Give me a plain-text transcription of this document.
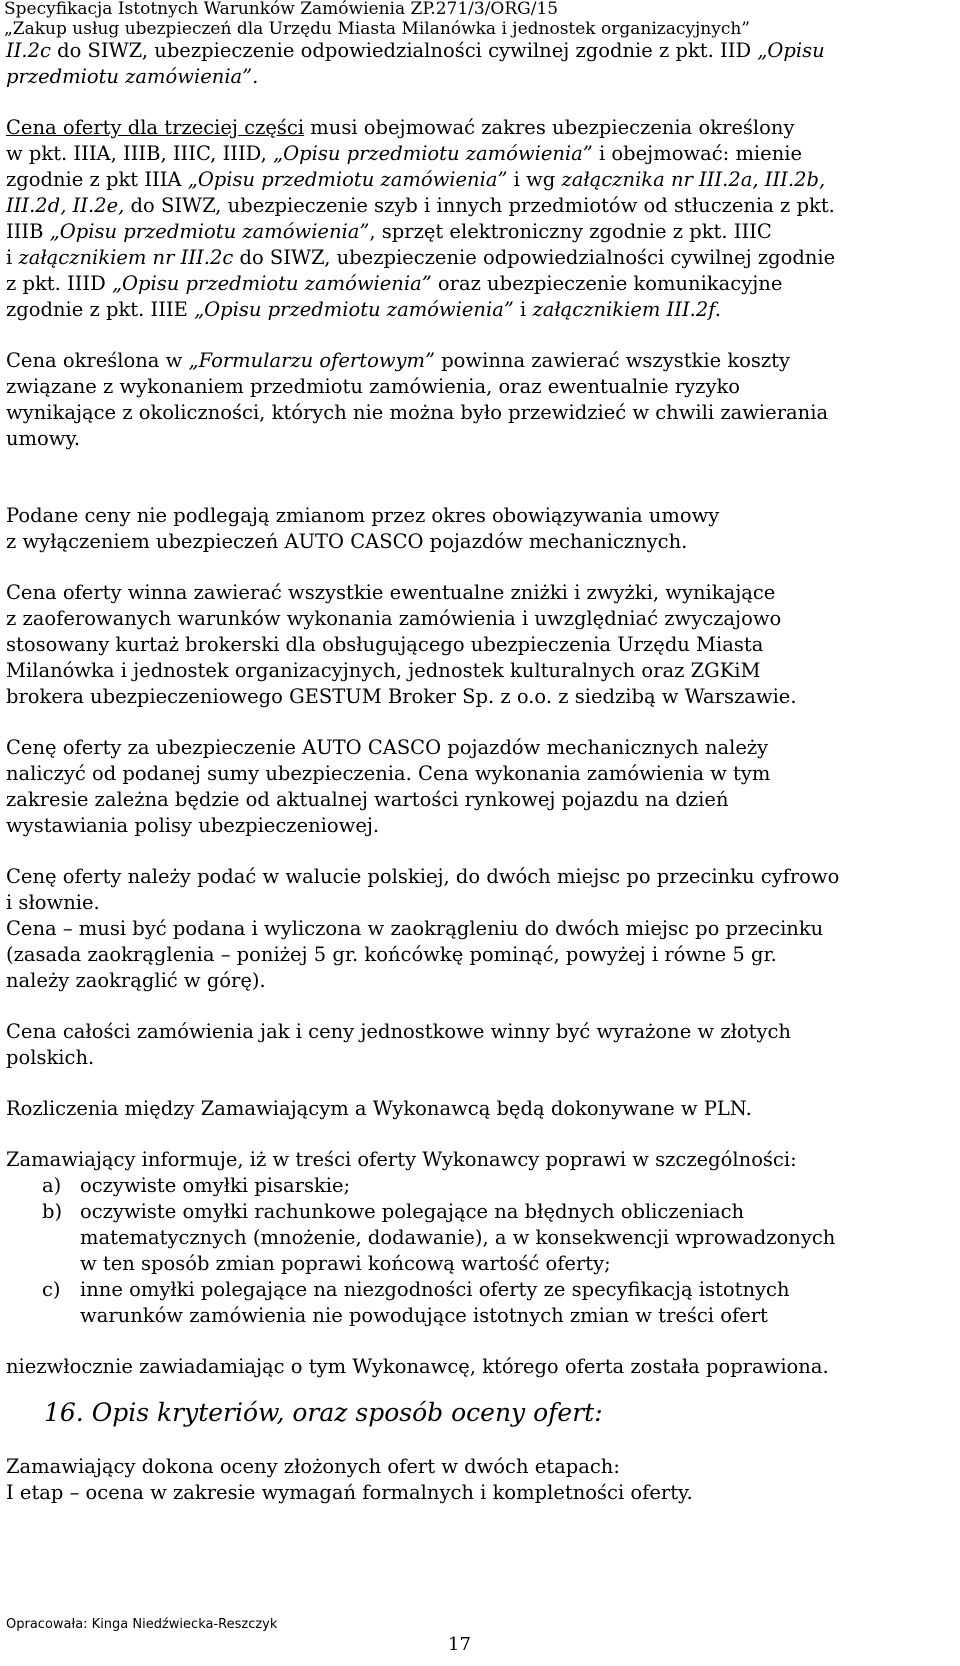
Specyfikacja Istotnych Warunków Zamówienia ZP.271/3/ORG/15
„Zakup usług ubezpieczeń dla Urzędu Miasta Milanówka i jednostek organizacyjnych”
II.2c do SIWZ, ubezpieczenie odpowiedzialności cywilnej zgodnie z pkt. IID „Opisu
przedmiotu zamówienia”.
Cena oferty dla trzeciej części musi obejmować zakres ubezpieczenia określony
w pkt. IIIA, IIIB, IIIC, IIID, „Opisu przedmiotu zamówienia” i obejmować: mienie
zgodnie z pkt IIIA „Opisu przedmiotu zamówienia” i wg załącznika nr III.2a, III.2b,
III.2d, II.2e, do SIWZ, ubezpieczenie szyb i innych przedmiotów od stłuczenia z pkt.
IIIB „Opisu przedmiotu zamówienia”, sprzęt elektroniczny zgodnie z pkt. IIIC
i załącznikiem nr III.2c do SIWZ, ubezpieczenie odpowiedzialności cywilnej zgodnie
z pkt. IIID „Opisu przedmiotu zamówienia” oraz ubezpieczenie komunikacyjne
zgodnie z pkt. IIIE „Opisu przedmiotu zamówienia” i załącznikiem III.2f.
Cena określona w „Formularzu ofertowym” powinna zawierać wszystkie koszty
związane z wykonaniem przedmiotu zamówienia, oraz ewentualnie ryzyko
wynikające z okoliczności, których nie można było przewidzieć w chwili zawierania
umowy.
Podane ceny nie podlegają zmianom przez okres obowiązywania umowy
z wyłączeniem ubezpieczeń AUTO CASCO pojazdów mechanicznych.
Cena oferty winna zawierać wszystkie ewentualne zniżki i zwyżki, wynikające
z zaoferowanych warunków wykonania zamówienia i uwzględniać zwyczajowo
stosowany kurtaż brokerski dla obsługującego ubezpieczenia Urzędu Miasta
Milanówka i jednostek organizacyjnych, jednostek kulturalnych oraz ZGKiM
brokera ubezpieczeniowego GESTUM Broker Sp. z o.o. z siedzibą w Warszawie.
Cenę oferty za ubezpieczenie AUTO CASCO pojazdów mechanicznych należy
naliczyć od podanej sumy ubezpieczenia. Cena wykonania zamówienia w tym
zakresie zależna będzie od aktualnej wartości rynkowej pojazdu na dzień
wystawiania polisy ubezpieczeniowej.
Cenę oferty należy podać w walucie polskiej, do dwóch miejsc po przecinku cyfrowo
i słownie.
Cena – musi być podana i wyliczona w zaokrągleniu do dwóch miejsc po przecinku
(zasada zaokrąglenia – poniżej 5 gr. końcówkę pominąć, powyżej i równe 5 gr.
należy zaokrąglić w górę).
Cena całości zamówienia jak i ceny jednostkowe winny być wyrażone w złotych
polskich.
Rozliczenia między Zamawiającym a Wykonawcą będą dokonywane w PLN.
Zamawiający informuje, iż w treści oferty Wykonawcy poprawi w szczególności:
a) oczywiste omyłki pisarskie;
b) oczywiste omyłki rachunkowe polegające na błędnych obliczeniach
matematycznych (mnożenie, dodawanie), a w konsekwencji wprowadzonych
w ten sposób zmian poprawi końcową wartość oferty;
c) inne omyłki polegające na niezgodności oferty ze specyfikacją istotnych
warunków zamówienia nie powodujące istotnych zmian w treści ofert
niezwłocznie zawiadamiając o tym Wykonawcę, którego oferta została poprawiona.
16. Opis kryteriów, oraz sposób oceny ofert:
Zamawiający dokona oceny złożonych ofert w dwóch etapach:
I etap – ocena w zakresie wymagań formalnych i kompletności oferty.
Opracowała: Kinga Niedźwiecka-Reszczyk
17
